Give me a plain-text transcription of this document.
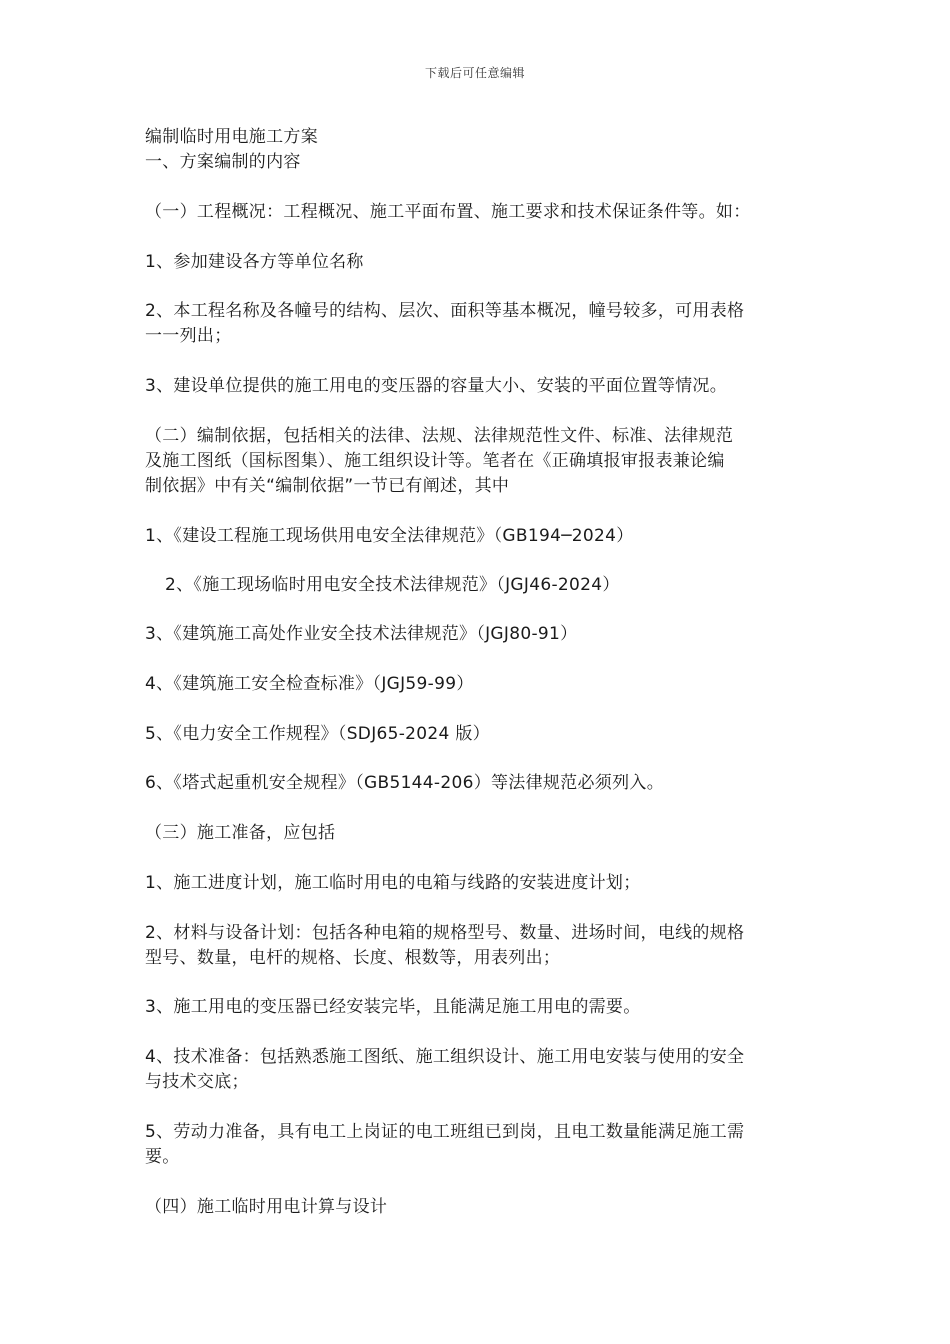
下载后可任意编辑
编制临时用电施工方案
一、方案编制的内容
（一）工程概况：工程概况、施工平面布置、施工要求和技术保证条件等。如：
1、参加建设各方等单位名称
2、本工程名称及各幢号的结构、层次、面积等基本概况，幢号较多，可用表格
一一列出；
3、建设单位提供的施工用电的变压器的容量大小、安装的平面位置等情况。
（二）编制依据，包括相关的法律、法规、法律规范性文件、标准、法律规范
及施工图纸（国标图集）、施工组织设计等。笔者在《正确填报审报表兼论编
制依据》中有关“编制依据”一节已有阐述，其中
1、《建设工程施工现场供用电安全法律规范》（GB194─2024）
2、《施工现场临时用电安全技术法律规范》（JGJ46-2024）
3、《建筑施工高处作业安全技术法律规范》（JGJ80-91）
4、《建筑施工安全检查标准》（JGJ59-99）
5、《电力安全工作规程》（SDJ65-2024 版）
6、《塔式起重机安全规程》（GB5144-206）等法律规范必须列入。
（三）施工准备，应包括
1、施工进度计划，施工临时用电的电箱与线路的安装进度计划；
2、材料与设备计划：包括各种电箱的规格型号、数量、进场时间，电线的规格
型号、数量，电杆的规格、长度、根数等，用表列出；
3、施工用电的变压器已经安装完毕，且能满足施工用电的需要。
4、技术准备：包括熟悉施工图纸、施工组织设计、施工用电安装与使用的安全
与技术交底；
5、劳动力准备，具有电工上岗证的电工班组已到岗，且电工数量能满足施工需
要。
（四）施工临时用电计算与设计
